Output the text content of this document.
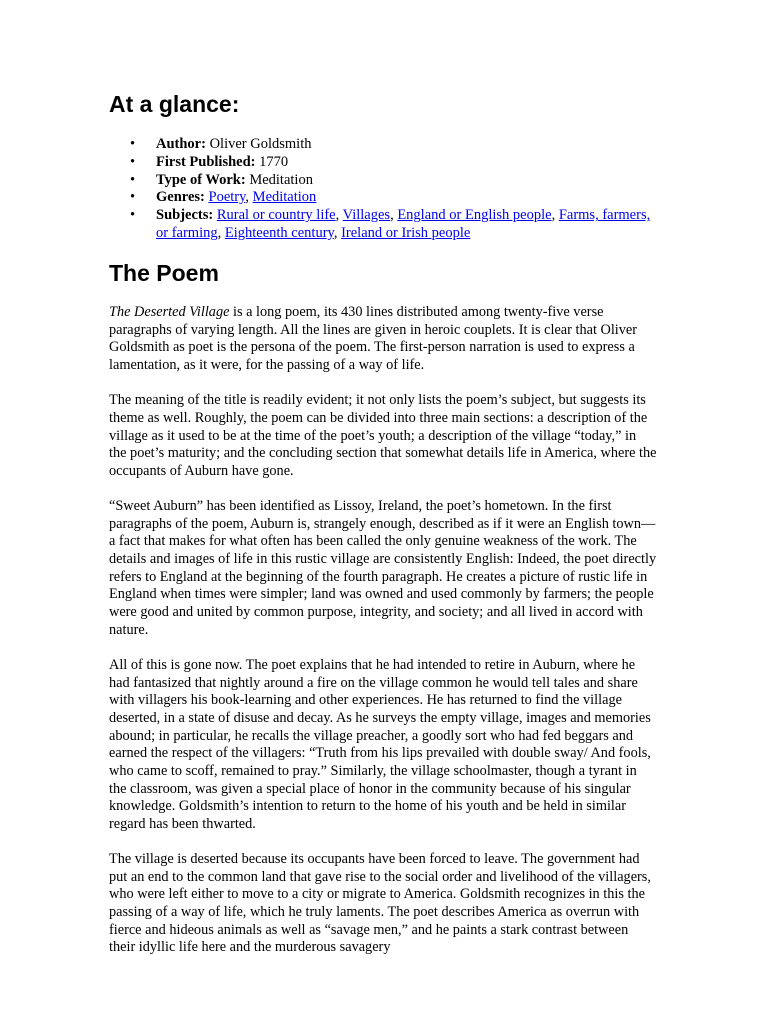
At a glance:
• Author: Oliver Goldsmith
• First Published: 1770
• Type of Work: Meditation
• Genres: Poetry, Meditation
• Subjects: Rural or country life, Villages, England or English people, Farms, farmers, or farming, Eighteenth century, Ireland or Irish people
The Poem

The Deserted Village is a long poem, its 430 lines distributed among twenty-five verse paragraphs of varying length. All the lines are given in heroic couplets. It is clear that Oliver Goldsmith as poet is the persona of the poem. The first-person narration is used to express a lamentation, as it were, for the passing of a way of life.

The meaning of the title is readily evident; it not only lists the poem’s subject, but suggests its theme as well. Roughly, the poem can be divided into three main sections: a description of the village as it used to be at the time of the poet’s youth; a description of the village “today,” in the poet’s maturity; and the concluding section that somewhat details life in America, where the occupants of Auburn have gone.

“Sweet Auburn” has been identified as Lissoy, Ireland, the poet’s hometown. In the first paragraphs of the poem, Auburn is, strangely enough, described as if it were an English town—a fact that makes for what often has been called the only genuine weakness of the work. The details and images of life in this rustic village are consistently English: Indeed, the poet directly refers to England at the beginning of the fourth paragraph. He creates a picture of rustic life in England when times were simpler; land was owned and used commonly by farmers; the people were good and united by common purpose, integrity, and society; and all lived in accord with nature.

All of this is gone now. The poet explains that he had intended to retire in Auburn, where he had fantasized that nightly around a fire on the village common he would tell tales and share with villagers his book-learning and other experiences. He has returned to find the village deserted, in a state of disuse and decay. As he surveys the empty village, images and memories abound; in particular, he recalls the village preacher, a goodly sort who had fed beggars and earned the respect of the villagers: “Truth from his lips prevailed with double sway/ And fools, who came to scoff, remained to pray.” Similarly, the village schoolmaster, though a tyrant in the classroom, was given a special place of honor in the community because of his singular knowledge. Goldsmith’s intention to return to the home of his youth and be held in similar regard has been thwarted.

The village is deserted because its occupants have been forced to leave. The government had put an end to the common land that gave rise to the social order and livelihood of the villagers, who were left either to move to a city or migrate to America. Goldsmith recognizes in this the passing of a way of life, which he truly laments. The poet describes America as overrun with fierce and hideous animals as well as “savage men,” and he paints a stark contrast between their idyllic life here and the murderous savagery
